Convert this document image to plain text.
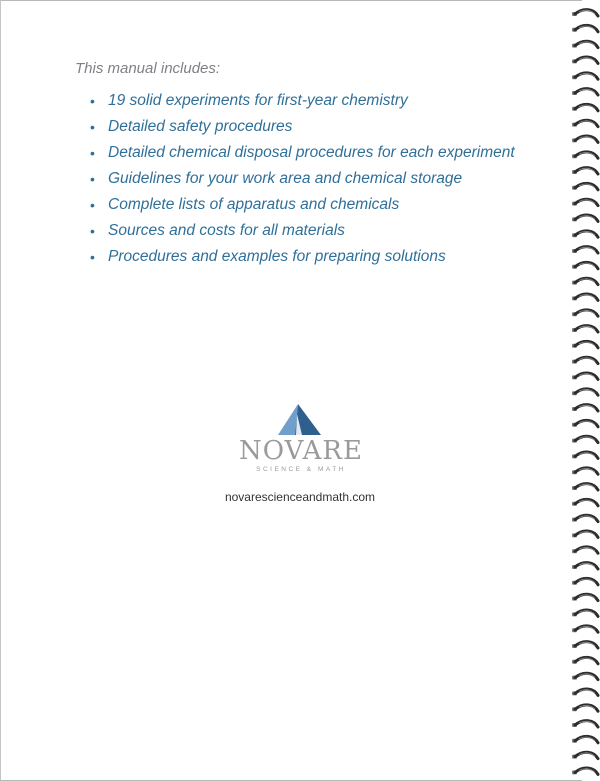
This manual includes:
• 19 solid experiments for first-year chemistry
• Detailed safety procedures
• Detailed chemical disposal procedures for each experiment
• Guidelines for your work area and chemical storage
• Complete lists of apparatus and chemicals
• Sources and costs for all materials
• Procedures and examples for preparing solutions
NOVARE
SCIENCE & MATH
novarescienceandmath.com
